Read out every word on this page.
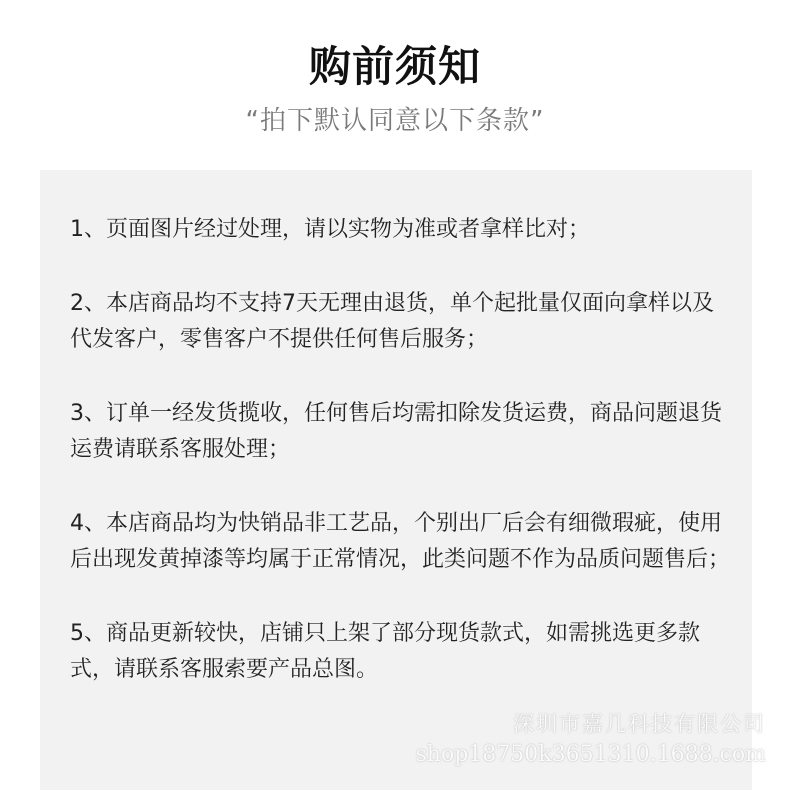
购前须知
“拍下默认同意以下条款”
1、页面图片经过处理，请以实物为准或者拿样比对；
2、本店商品均不支持7天无理由退货，单个起批量仅面向拿样以及代发客户，零售客户不提供任何售后服务；
3、订单一经发货揽收，任何售后均需扣除发货运费，商品问题退货运费请联系客服处理；
4、本店商品均为快销品非工艺品，个别出厂后会有细微瑕疵，使用后出现发黄掉漆等均属于正常情况，此类问题不作为品质问题售后；
5、商品更新较快，店铺只上架了部分现货款式，如需挑选更多款式，请联系客服索要产品总图。
深圳市嘉几科技有限公司
shop18750k3651310.1688.com
